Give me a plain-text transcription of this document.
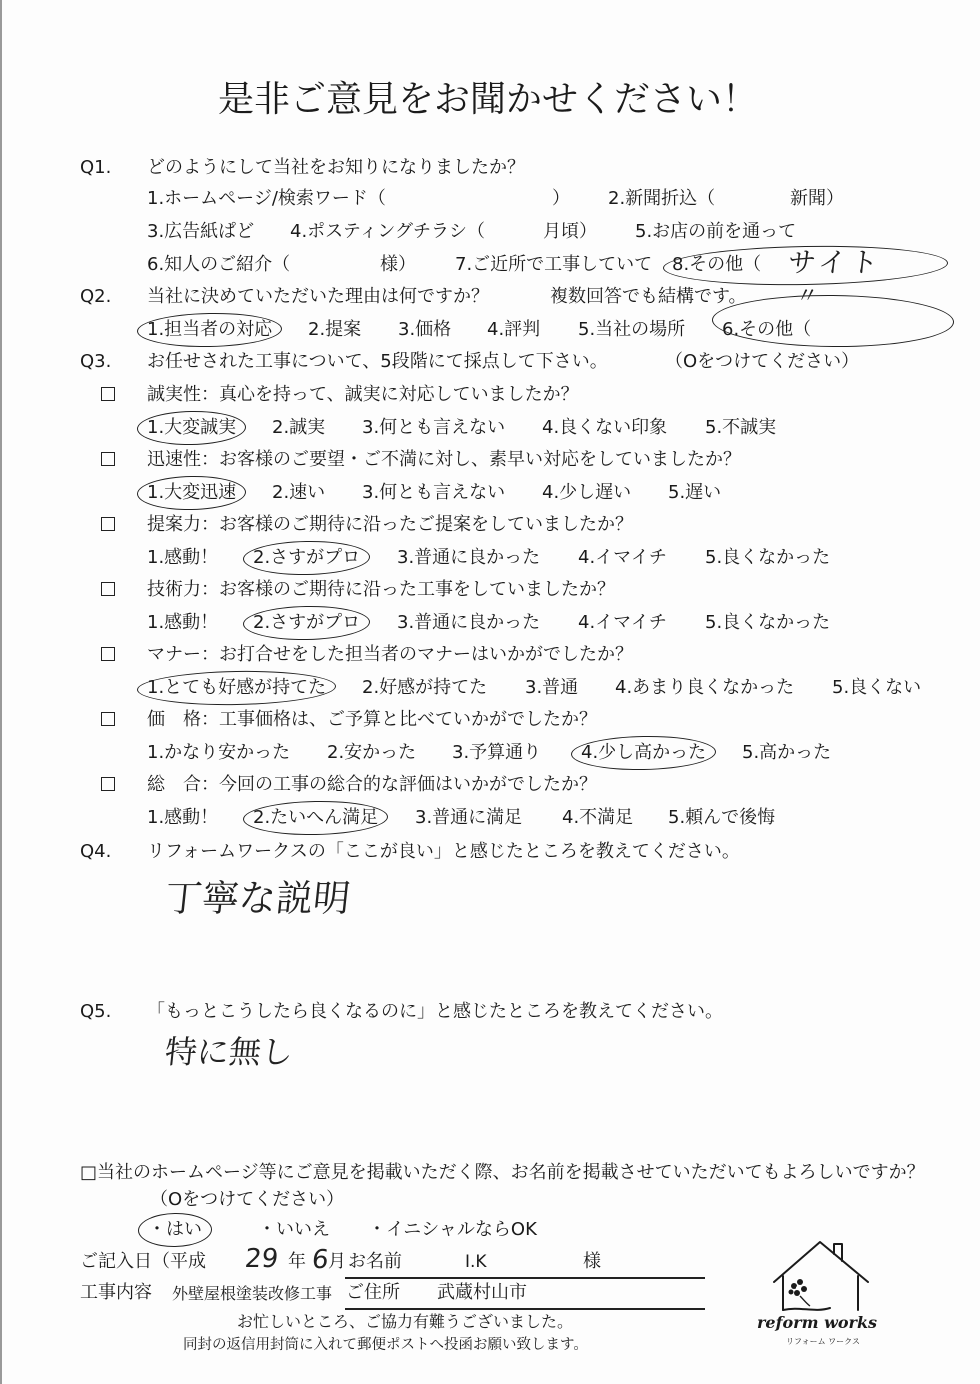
是非ご意見をお聞かせください！
Q1. どのようにして当社をお知りになりましたか？
1.ホームページ/検索ワード（	） 2.新聞折込（	新聞）
3.広告紙ぱど 4.ポスティングチラシ（	月頃） 5.お店の前を通って
6.知人のご紹介（	様） 7.ご近所で工事していて 8.その他（ サイト
Q2. 当社に決めていただいた理由は何ですか？	複数回答でも結構です。 〃
1.担当者の対応 2.提案 3.価格 4.評判 5.当社の場所 6.その他（
Q3. お任せされた工事について、5段階にて採点して下さい。	（Oをつけてください）
誠実性：真心を持って、誠実に対応していましたか？
1.大変誠実 2.誠実 3.何とも言えない 4.良くない印象 5.不誠実
迅速性：お客様のご要望・ご不満に対し、素早い対応をしていましたか？
1.大変迅速 2.速い 3.何とも言えない 4.少し遅い 5.遅い
提案力：お客様のご期待に沿ったご提案をしていましたか？
1.感動！ 2.さすがプロ 3.普通に良かった 4.イマイチ 5.良くなかった
技術力：お客様のご期待に沿った工事をしていましたか？
1.感動！ 2.さすがプロ 3.普通に良かった 4.イマイチ 5.良くなかった
マナー：お打合せをした担当者のマナーはいかがでしたか？
1.とても好感が持てた 2.好感が持てた 3.普通 4.あまり良くなかった 5.良くない
価　格：工事価格は、ご予算と比べていかがでしたか？
1.かなり安かった 2.安かった 3.予算通り 4.少し高かった 5.高かった
総　合：今回の工事の総合的な評価はいかがでしたか？
1.感動！ 2.たいへん満足 3.普通に満足 4.不満足 5.頼んで後悔
Q4. リフォームワークスの「ここが良い」と感じたところを教えてください。
丁寧な説明
Q5. 「もっとこうしたら良くなるのに」と感じたところを教えてください。
特に無し
□当社のホームページ等にご意見を掲載いただく際、お名前を掲載させていただいてもよろしいですか？
（Oをつけてください）
・はい	・いいえ ・イニシャルならOK
ご記入日（平成 29 年 6
月 お名前	I.K	様
工事内容 外壁屋根塗装改修工事 ご住所 武蔵村山市
お忙しいところ、ご協力有難うございました。
同封の返信用封筒に入れて郵便ポストへ投函お願い致します。
reform works
リフォーム ワークス
